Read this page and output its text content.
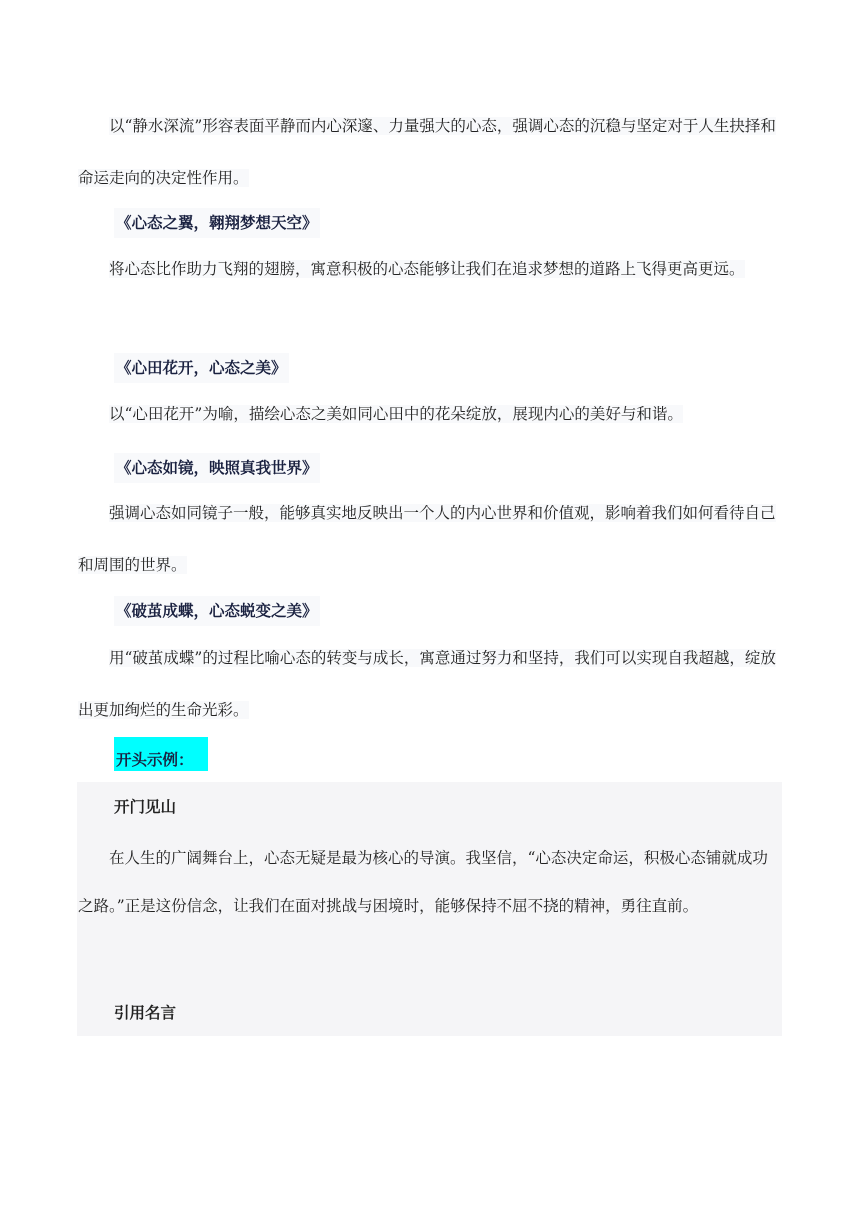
以“静水深流”形容表面平静而内心深邃、力量强大的心态，强调心态的沉稳与坚定对于人生抉择和命运走向的决定性作用。
《心态之翼，翱翔梦想天空》
将心态比作助力飞翔的翅膀，寓意积极的心态能够让我们在追求梦想的道路上飞得更高更远。
《心田花开，心态之美》
以“心田花开”为喻，描绘心态之美如同心田中的花朵绽放，展现内心的美好与和谐。
《心态如镜，映照真我世界》
强调心态如同镜子一般，能够真实地反映出一个人的内心世界和价值观，影响着我们如何看待自己和周围的世界。
《破茧成蝶，心态蜕变之美》
用“破茧成蝶”的过程比喻心态的转变与成长，寓意通过努力和坚持，我们可以实现自我超越，绽放出更加绚烂的生命光彩。
开头示例：
开门见山
在人生的广阔舞台上，心态无疑是最为核心的导演。我坚信，“心态决定命运，积极心态铺就成功之路。”正是这份信念，让我们在面对挑战与困境时，能够保持不屈不挠的精神，勇往直前。
引用名言
